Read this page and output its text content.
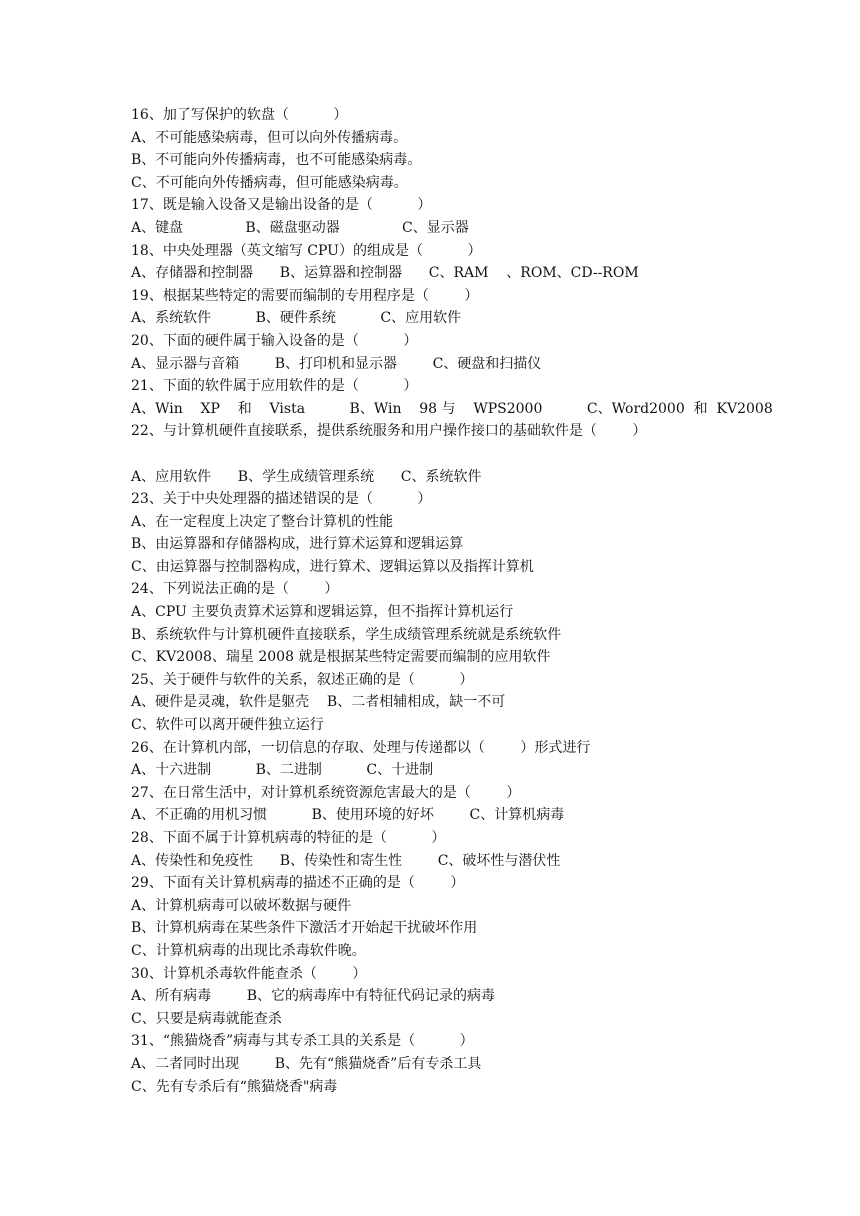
16、加了写保护的软盘（          ）
A、不可能感染病毒，但可以向外传播病毒。
B、不可能向外传播病毒，也不可能感染病毒。
C、不可能向外传播病毒，但可能感染病毒。
17、既是输入设备又是输出设备的是（          ）
A、键盘              B、磁盘驱动器              C、显示器
18、中央处理器（英文缩写 CPU）的组成是（          ）
A、存储器和控制器      B、运算器和控制器      C、RAM    、ROM、CD--ROM
19、根据某些特定的需要而编制的专用程序是（        ）
A、系统软件          B、硬件系统          C、应用软件
20、下面的硬件属于输入设备的是（          ）
A、显示器与音箱        B、打印机和显示器        C、硬盘和扫描仪
21、下面的软件属于应用软件的是（          ）
A、Win    XP    和    Vista          B、Win    98 与    WPS2000          C、Word2000  和  KV2008
22、与计算机硬件直接联系，提供系统服务和用户操作接口的基础软件是（        ）
A、应用软件      B、学生成绩管理系统      C、系统软件
23、关于中央处理器的描述错误的是（          ）
A、在一定程度上决定了整台计算机的性能
B、由运算器和存储器构成，进行算术运算和逻辑运算
C、由运算器与控制器构成，进行算术、逻辑运算以及指挥计算机
24、下列说法正确的是（        ）
A、CPU 主要负责算术运算和逻辑运算，但不指挥计算机运行
B、系统软件与计算机硬件直接联系，学生成绩管理系统就是系统软件
C、KV2008、瑞星 2008 就是根据某些特定需要而编制的应用软件
25、关于硬件与软件的关系，叙述正确的是（          ）
A、硬件是灵魂，软件是躯壳    B、二者相辅相成，缺一不可
C、软件可以离开硬件独立运行
26、在计算机内部，一切信息的存取、处理与传递都以（        ）形式进行
A、十六进制          B、二进制          C、十进制
27、在日常生活中，对计算机系统资源危害最大的是（        ）
A、不正确的用机习惯          B、使用环境的好坏        C、计算机病毒
28、下面不属于计算机病毒的特征的是（          ）
A、传染性和免疫性      B、传染性和寄生性        C、破坏性与潜伏性
29、下面有关计算机病毒的描述不正确的是（        ）
A、计算机病毒可以破坏数据与硬件
B、计算机病毒在某些条件下激活才开始起干扰破坏作用
C、计算机病毒的出现比杀毒软件晚。
30、计算机杀毒软件能查杀（        ）
A、所有病毒        B、它的病毒库中有特征代码记录的病毒
C、只要是病毒就能查杀
31、“熊猫烧香”病毒与其专杀工具的关系是（          ）
A、二者同时出现        B、先有“熊猫烧香”后有专杀工具
C、先有专杀后有“熊猫烧香"病毒
